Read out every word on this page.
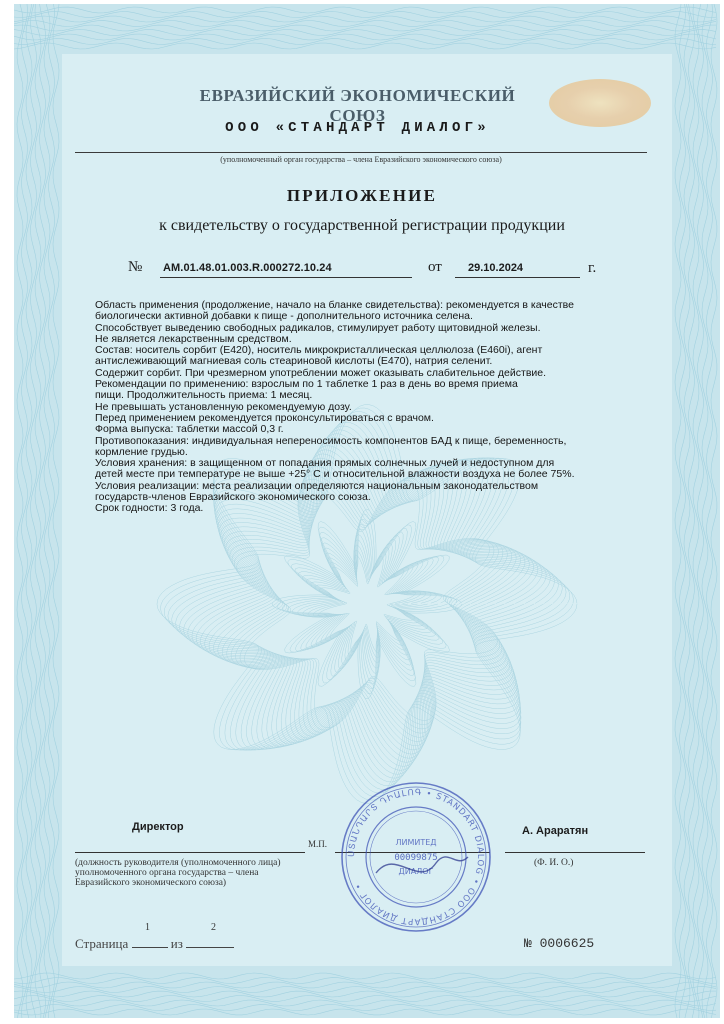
ЕВРАЗИЙСКИЙ ЭКОНОМИЧЕСКИЙ СОЮЗ
ООО «СТАНДАРТ ДИАЛОГ»
(уполномоченный орган государства – члена Евразийского экономического союза)
ПРИЛОЖЕНИЕ
к свидетельству о государственной регистрации продукции
№ AM.01.48.01.003.R.000272.10.24	от 29.10.2024	г.

Область применения (продолжение, начало на бланке свидетельства): рекомендуется в качестве

биологически активной добавки к пище - дополнительного источника селена.

Способствует выведению свободных радикалов, стимулирует работу щитовидной железы.

Не является лекарственным средством.

Состав: носитель сорбит (Е420), носитель микрокристаллическая целлюлоза (Е460i), агент

антислеживающий магниевая соль стеариновой кислоты (Е470), натрия селенит.

Содержит сорбит. При чрезмерном употреблении может оказывать слабительное действие.

Рекомендации по применению: взрослым по 1 таблетке 1 раз в день во время приема

пищи. Продолжительность приема: 1 месяц.

Не превышать установленную рекомендуемую дозу.

Перед применением рекомендуется проконсультироваться с врачом.

Форма выпуска: таблетки массой 0,3 г.

Противопоказания: индивидуальная непереносимость компонентов БАД к пище, беременность,

кормление грудью.

Условия хранения: в защищенном от попадания прямых солнечных лучей и недоступном для

детей месте при температуре не выше +25° С и относительной влажности воздуха не более 75%.

Условия реализации: места реализации определяются национальным законодательством

государств-членов Евразийского экономического союза.

Срок годности: 3 года.

Директор
М.П.
А. Араратян
(должность руководителя (уполномоченного лица) уполномоченного органа государства – члена Евразийского экономического союза)
(Ф. И. О.)
Страница	из
1	2
№ 0006625
ՍՏԱՆԴԱՐՏ ԴԻԱԼՈԳ • STANDART DIALOG • ООО СТАНДАРТ ДИАЛОГ •
ЛИМИТЕД
00099875
ДИАЛОГ
